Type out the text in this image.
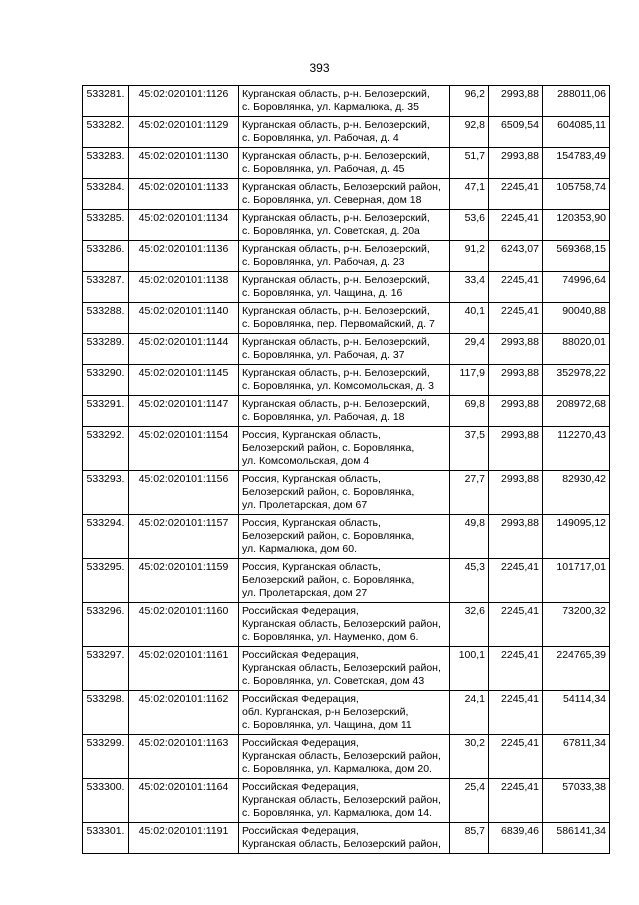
393
533281.	45:02:020101:1126	Курганская область, р-н. Белозерский,
с. Боровлянка, ул. Кармалюка, д. 35	96,2	2993,88	288011,06
533282.	45:02:020101:1129	Курганская область, р-н. Белозерский,
с. Боровлянка, ул. Рабочая, д. 4	92,8	6509,54	604085,11
533283.	45:02:020101:1130	Курганская область, р-н. Белозерский,
с. Боровлянка, ул. Рабочая, д. 45	51,7	2993,88	154783,49
533284.	45:02:020101:1133	Курганская область, Белозерский район,
с. Боровлянка, ул. Северная, дом 18	47,1	2245,41	105758,74
533285.	45:02:020101:1134	Курганская область, р-н. Белозерский,
с. Боровлянка, ул. Советская, д. 20а	53,6	2245,41	120353,90
533286.	45:02:020101:1136	Курганская область, р-н. Белозерский,
с. Боровлянка, ул. Рабочая, д. 23	91,2	6243,07	569368,15
533287.	45:02:020101:1138	Курганская область, р-н. Белозерский,
с. Боровлянка, ул. Чащина, д. 16	33,4	2245,41	74996,64
533288.	45:02:020101:1140	Курганская область, р-н. Белозерский,
с. Боровлянка, пер. Первомайский, д. 7	40,1	2245,41	90040,88
533289.	45:02:020101:1144	Курганская область, р-н. Белозерский,
с. Боровлянка, ул. Рабочая, д. 37	29,4	2993,88	88020,01
533290.	45:02:020101:1145	Курганская область, р-н. Белозерский,
с. Боровлянка, ул. Комсомольская, д. 3	117,9	2993,88	352978,22
533291.	45:02:020101:1147	Курганская область, р-н. Белозерский,
с. Боровлянка, ул. Рабочая, д. 18	69,8	2993,88	208972,68
533292.	45:02:020101:1154	Россия, Курганская область,
Белозерский район, с. Боровлянка,
ул. Комсомольская, дом 4	37,5	2993,88	112270,43
533293.	45:02:020101:1156	Россия, Курганская область,
Белозерский район, с. Боровлянка,
ул. Пролетарская, дом 67	27,7	2993,88	82930,42
533294.	45:02:020101:1157	Россия, Курганская область,
Белозерский район, с. Боровлянка,
ул. Кармалюка, дом 60.	49,8	2993,88	149095,12
533295.	45:02:020101:1159	Россия, Курганская область,
Белозерский район, с. Боровлянка,
ул. Пролетарская, дом 27	45,3	2245,41	101717,01
533296.	45:02:020101:1160	Российская Федерация,
Курганская область, Белозерский район,
с. Боровлянка, ул. Науменко, дом 6.	32,6	2245,41	73200,32
533297.	45:02:020101:1161	Российская Федерация,
Курганская область, Белозерский район,
с. Боровлянка, ул. Советская, дом 43	100,1	2245,41	224765,39
533298.	45:02:020101:1162	Российская Федерация,
обл. Курганская, р-н Белозерский,
с. Боровлянка, ул. Чащина, дом 11	24,1	2245,41	54114,34
533299.	45:02:020101:1163	Российская Федерация,
Курганская область, Белозерский район,
с. Боровлянка, ул. Кармалюка, дом 20.	30,2	2245,41	67811,34
533300.	45:02:020101:1164	Российская Федерация,
Курганская область, Белозерский район,
с. Боровлянка, ул. Кармалюка, дом 14.	25,4	2245,41	57033,38
533301.	45:02:020101:1191	Российская Федерация,
Курганская область, Белозерский район,	85,7	6839,46	586141,34
